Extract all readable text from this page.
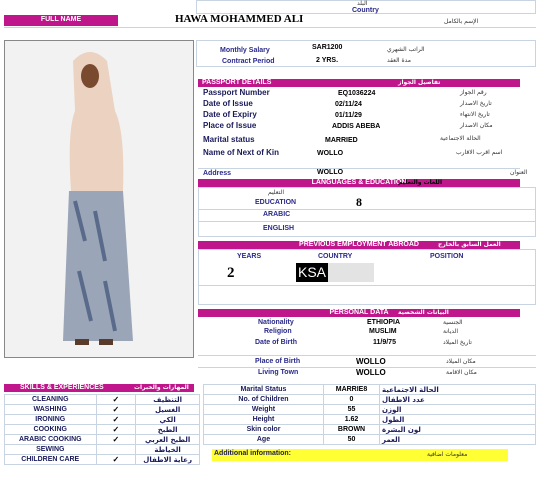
البلد
Country
FULL NAME	HAWA MOHAMMED ALI	الإسم بالكامل
Monthly Salary	SAR1200	الراتب الشهري
Contract Period	2 YRS.	مدة العقد
PASSPORT DETAILS	تفاصيل الجواز
Passport Number	EQ1036224	رقم الجواز
Date of Issue	02/11/24	تاريخ الاصدار
Date of Expiry	01/11/29	تاريخ الانتهاء
Place of Issue	ADDIS ABEBA	مكان الاصدار
Marital status	MARRIED	الحالة الاجتماعية
Name of Next of Kin	WOLLO	اسم اقرب الاقارب
Address	WOLLO	العنوان
LANGUAGES & EDUCATION
اللغات والتعليم
التعليم
EDUCATION	8
ARABIC
ENGLISH
PREVIOUS EMPLOYMENT ABROAD	العمل السابق بالخارج
YEARS	COUNTRY	POSITION
2	KSA
PERSONAL DATA البيانات الشخصية
Nationality	ETHIOPIA	الجنسية
Religion	MUSLIM	الديانة
Date of Birth	11/9/75	تاريخ الميلاد
Place of Birth	WOLLO	مكان الميلاد
Living Town	WOLLO	مكان الاقامة
SKILLS & EXPERIENCES	المهارات والخبرات
CLEANING	✓	التنظيف
WASHING	✓	الغسيل
IRONING	✓	الكي
COOKING	✓	الطبخ
ARABIC COOKING	✓	الطبخ العربي
SEWING		الخياطة
CHILDREN CARE	✓	رعاية الاطفال
Marital Status	MARRIE8	الحالة الاجتماعية
No. of Children	0	عدد الاطفال
Weight	55	الوزن
Height	1.62	الطول
Skin color	BROWN	لون البشرة
Age	50	العمر
Additional information:	معلومات اضافية
